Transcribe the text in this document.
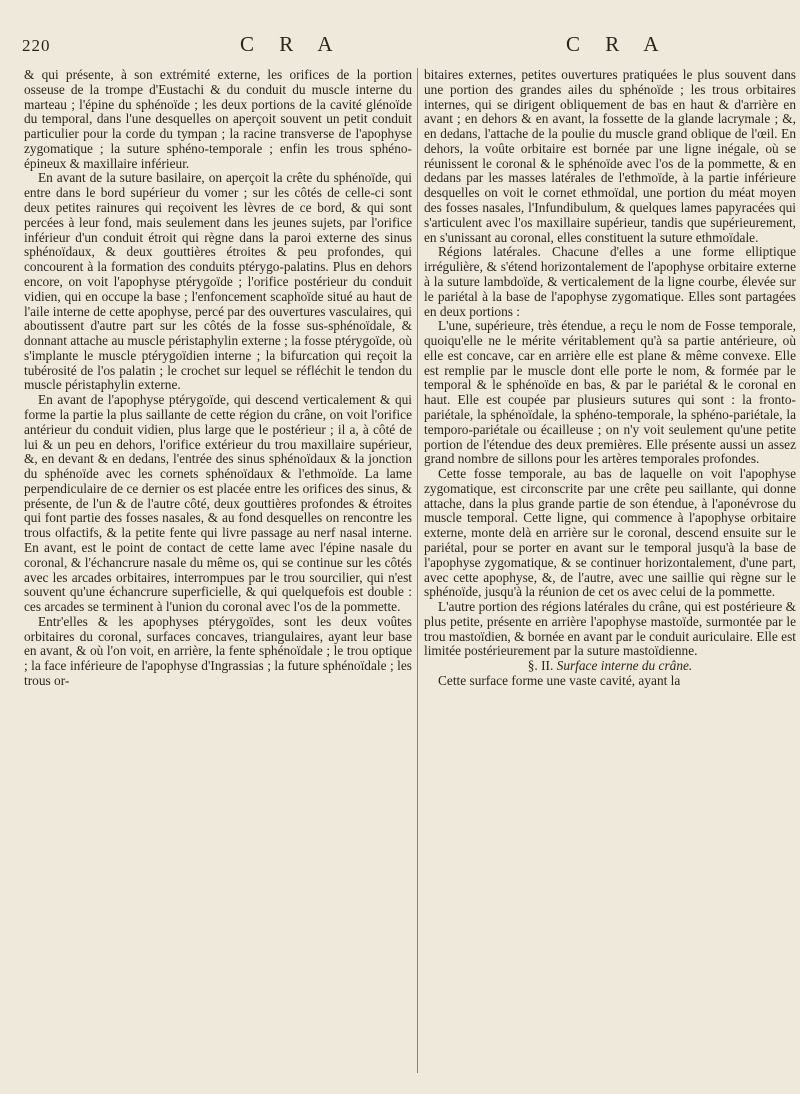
220	C R A	C R A

& qui présente, à son extrémité externe, les orifices de la portion osseuse de la trompe d'Eustachi & du conduit du muscle interne du marteau ; l'épine du sphénoïde ; les deux portions de la cavité glénoïde du temporal, dans l'une desquelles on aperçoit souvent un petit conduit particulier pour la corde du tympan ; la racine transverse de l'apophyse zygomatique ; la suture sphéno-temporale ; enfin les trous sphéno-épineux & maxillaire inférieur.

En avant de la suture basilaire, on aperçoit la crête du sphénoïde, qui entre dans le bord supérieur du vomer ; sur les côtés de celle-ci sont deux petites rainures qui reçoivent les lèvres de ce bord, & qui sont percées à leur fond, mais seulement dans les jeunes sujets, par l'orifice inférieur d'un conduit étroit qui règne dans la paroi externe des sinus sphénoïdaux, & deux gouttières étroites & peu profondes, qui concourent à la formation des conduits ptérygo-palatins. Plus en dehors encore, on voit l'apophyse ptérygoïde ; l'orifice postérieur du conduit vidien, qui en occupe la base ; l'enfoncement scaphoïde situé au haut de l'aile interne de cette apophyse, percé par des ouvertures vasculaires, qui aboutissent d'autre part sur les côtés de la fosse sus-sphénoïdale, & donnant attache au muscle péristaphylin externe ; la fosse ptérygoïde, où s'implante le muscle ptérygoïdien interne ; la bifurcation qui reçoit la tubérosité de l'os palatin ; le crochet sur lequel se réfléchit le tendon du muscle péristaphylin externe.

En avant de l'apophyse ptérygoïde, qui descend verticalement & qui forme la partie la plus saillante de cette région du crâne, on voit l'orifice antérieur du conduit vidien, plus large que le postérieur ; il a, à côté de lui & un peu en dehors, l'orifice extérieur du trou maxillaire supérieur, &, en devant & en dedans, l'entrée des sinus sphénoïdaux & la jonction du sphénoïde avec les cornets sphénoïdaux & l'ethmoïde. La lame perpendiculaire de ce dernier os est placée entre les orifices des sinus, & présente, de l'un & de l'autre côté, deux gouttières profondes & étroites qui font partie des fosses nasales, & au fond desquelles on rencontre les trous olfactifs, & la petite fente qui livre passage au nerf nasal interne. En avant, est le point de contact de cette lame avec l'épine nasale du coronal, & l'échancrure nasale du même os, qui se continue sur les côtés avec les arcades orbitaires, interrompues par le trou sourcilier, qui n'est souvent qu'une échancrure superficielle, & qui quelquefois est double : ces arcades se terminent à l'union du coronal avec l'os de la pommette.

Entr'elles & les apophyses ptérygoïdes, sont les deux voûtes orbitaires du coronal, surfaces concaves, triangulaires, ayant leur base en avant, & où l'on voit, en arrière, la fente sphénoïdale ; le trou optique ; la face inférieure de l'apophyse d'Ingrassias ; la future sphénoïdale ; les trous or-

bitaires externes, petites ouvertures pratiquées le plus souvent dans une portion des grandes ailes du sphénoïde ; les trous orbitaires internes, qui se dirigent obliquement de bas en haut & d'arrière en avant ; en dehors & en avant, la fossette de la glande lacrymale ; &, en dedans, l'attache de la poulie du muscle grand oblique de l'œil. En dehors, la voûte orbitaire est bornée par une ligne inégale, où se réunissent le coronal & le sphénoïde avec l'os de la pommette, & en dedans par les masses latérales de l'ethmoïde, à la partie inférieure desquelles on voit le cornet ethmoïdal, une portion du méat moyen des fosses nasales, l'Infundibulum, & quelques lames papyracées qui s'articulent avec l'os maxillaire supérieur, tandis que supérieurement, en s'unissant au coronal, elles constituent la suture ethmoïdale.

Régions latérales. Chacune d'elles a une forme elliptique irrégulière, & s'étend horizontalement de l'apophyse orbitaire externe à la suture lambdoïde, & verticalement de la ligne courbe, élevée sur le pariétal à la base de l'apophyse zygomatique. Elles sont partagées en deux portions :

L'une, supérieure, très étendue, a reçu le nom de Fosse temporale, quoiqu'elle ne le mérite véritablement qu'à sa partie antérieure, où elle est concave, car en arrière elle est plane & même convexe. Elle est remplie par le muscle dont elle porte le nom, & formée par le temporal & le sphénoïde en bas, & par le pariétal & le coronal en haut. Elle est coupée par plusieurs sutures qui sont : la fronto-pariétale, la sphénoïdale, la sphéno-temporale, la sphéno-pariétale, la temporo-pariétale ou écailleuse ; on n'y voit seulement qu'une petite portion de l'étendue des deux premières. Elle présente aussi un assez grand nombre de sillons pour les artères temporales profondes.

Cette fosse temporale, au bas de laquelle on voit l'apophyse zygomatique, est circonscrite par une crête peu saillante, qui donne attache, dans la plus grande partie de son étendue, à l'aponévrose du muscle temporal. Cette ligne, qui commence à l'apophyse orbitaire externe, monte delà en arrière sur le coronal, descend ensuite sur le pariétal, pour se porter en avant sur le temporal jusqu'à la base de l'apophyse zygomatique, & se continuer horizontalement, d'une part, avec cette apophyse, &, de l'autre, avec une saillie qui règne sur le sphénoïde, jusqu'à la réunion de cet os avec celui de la pommette.

L'autre portion des régions latérales du crâne, qui est postérieure & plus petite, présente en arrière l'apophyse mastoïde, surmontée par le trou mastoïdien, & bornée en avant par le conduit auriculaire. Elle est limitée postérieurement par la suture mastoïdienne.

§. II. Surface interne du crâne.

Cette surface forme une vaste cavité, ayant la
